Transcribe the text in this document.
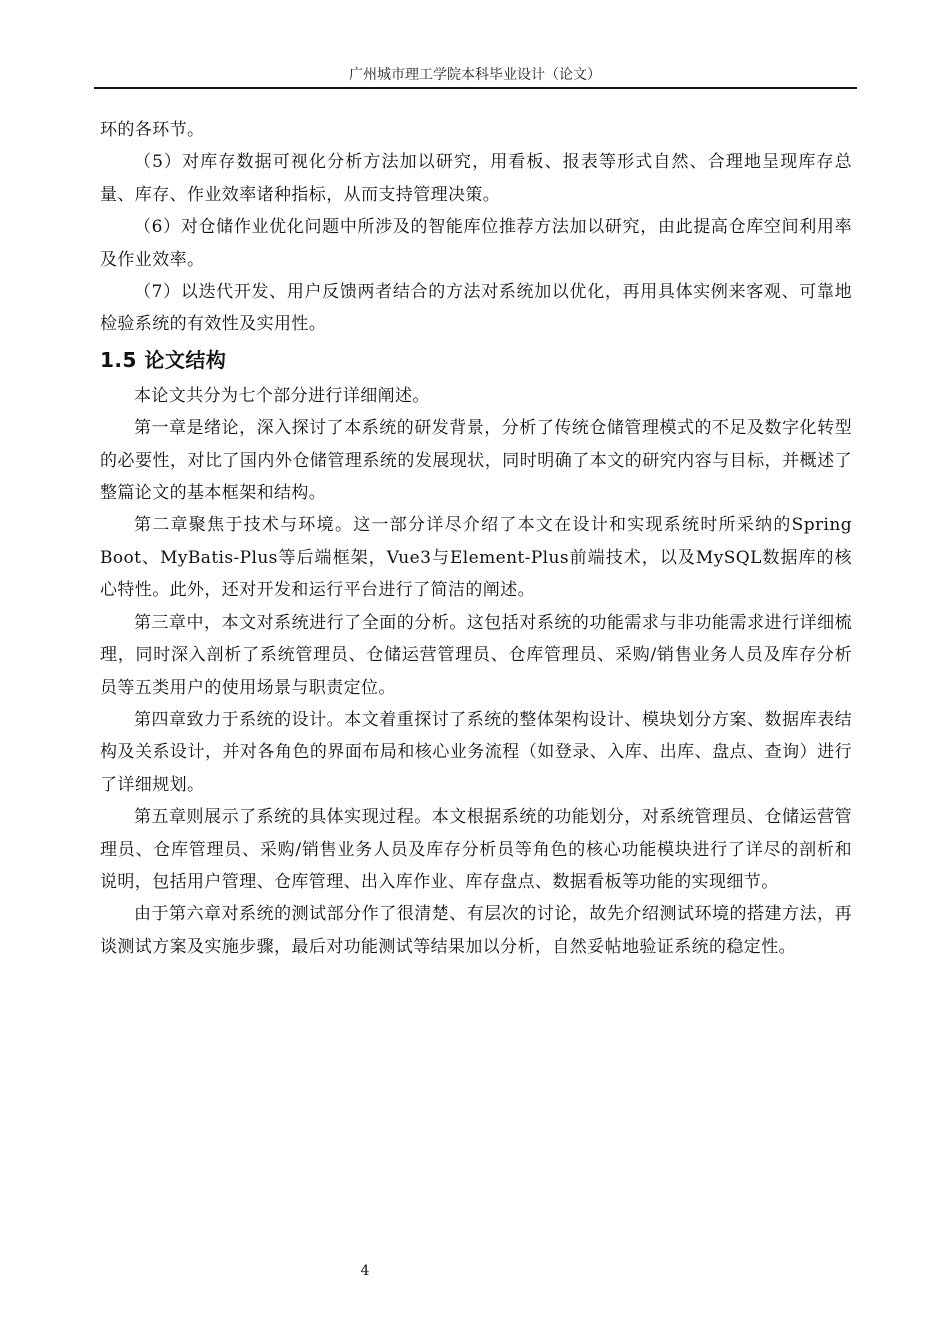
广州城市理工学院本科毕业设计（论文）

环的各环节。

（5）对库存数据可视化分析方法加以研究，用看板、报表等形式自然、合理地呈现库存总量、库存、作业效率诸种指标，从而支持管理决策。

（6）对仓储作业优化问题中所涉及的智能库位推荐方法加以研究，由此提高仓库空间利用率及作业效率。

（7）以迭代开发、用户反馈两者结合的方法对系统加以优化，再用具体实例来客观、可靠地检验系统的有效性及实用性。

1.5 论文结构

本论文共分为七个部分进行详细阐述。

第一章是绪论，深入探讨了本系统的研发背景，分析了传统仓储管理模式的不足及数字化转型的必要性，对比了国内外仓储管理系统的发展现状，同时明确了本文的研究内容与目标，并概述了整篇论文的基本框架和结构。

第二章聚焦于技术与环境。这一部分详尽介绍了本文在设计和实现系统时所采纳的Spring Boot、MyBatis-Plus等后端框架，Vue3与Element-Plus前端技术，以及MySQL数据库的核心特性。此外，还对开发和运行平台进行了简洁的阐述。

第三章中，本文对系统进行了全面的分析。这包括对系统的功能需求与非功能需求进行详细梳理，同时深入剖析了系统管理员、仓储运营管理员、仓库管理员、采购/销售业务人员及库存分析员等五类用户的使用场景与职责定位。

第四章致力于系统的设计。本文着重探讨了系统的整体架构设计、模块划分方案、数据库表结构及关系设计，并对各角色的界面布局和核心业务流程（如登录、入库、出库、盘点、查询）进行了详细规划。

第五章则展示了系统的具体实现过程。本文根据系统的功能划分，对系统管理员、仓储运营管理员、仓库管理员、采购/销售业务人员及库存分析员等角色的核心功能模块进行了详尽的剖析和说明，包括用户管理、仓库管理、出入库作业、库存盘点、数据看板等功能的实现细节。

由于第六章对系统的测试部分作了很清楚、有层次的讨论，故先介绍测试环境的搭建方法，再谈测试方案及实施步骤，最后对功能测试等结果加以分析，自然妥帖地验证系统的稳定性。

4
